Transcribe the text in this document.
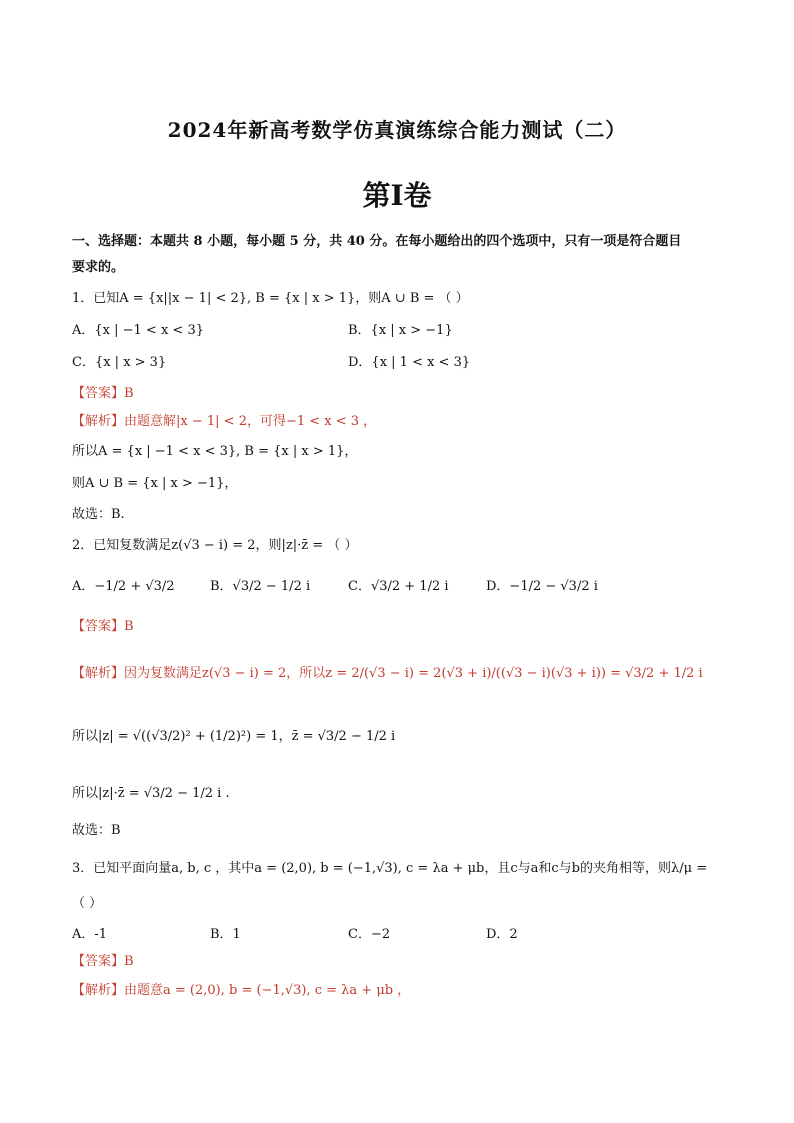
2024年新高考数学仿真演练综合能力测试（二）
第I卷
一、选择题：本题共 8 小题，每小题 5 分，共 40 分。在每小题给出的四个选项中，只有一项是符合题目
要求的。
1．已知A = {x||x − 1| < 2}, B = {x | x > 1}，则A ∪ B = （ ）
A．{x | −1 < x < 3}	B．{x | x > −1}
C．{x | x > 3}	D．{x | 1 < x < 3}
【答案】B
【解析】由题意解|x − 1| < 2，可得−1 < x < 3 ，
所以A = {x | −1 < x < 3}, B = {x | x > 1}，
则A ∪ B = {x | x > −1}，
故选：B.
2．已知复数满足z(√3 − i) = 2，则|z|·z̄ = （ ）
A．−1/2 + √3/2	B．√3/2 − 1/2 i	C．√3/2 + 1/2 i	D．−1/2 − √3/2 i
【答案】B
【解析】因为复数满足z(√3 − i) = 2，所以z = 2/(√3 − i) = 2(√3 + i)/((√3 − i)(√3 + i)) = √3/2 + 1/2 i
所以|z| = √((√3/2)² + (1/2)²) = 1，z̄ = √3/2 − 1/2 i
所以|z|·z̄ = √3/2 − 1/2 i .
故选：B
3．已知平面向量a, b, c ，其中a = (2,0), b = (−1,√3), c = λa + μb，且c与a和c与b的夹角相等，则λ/μ =
（ ）
A．-1	B．1	C．−2	D．2
【答案】B
【解析】由题意a = (2,0), b = (−1,√3), c = λa + μb ，
